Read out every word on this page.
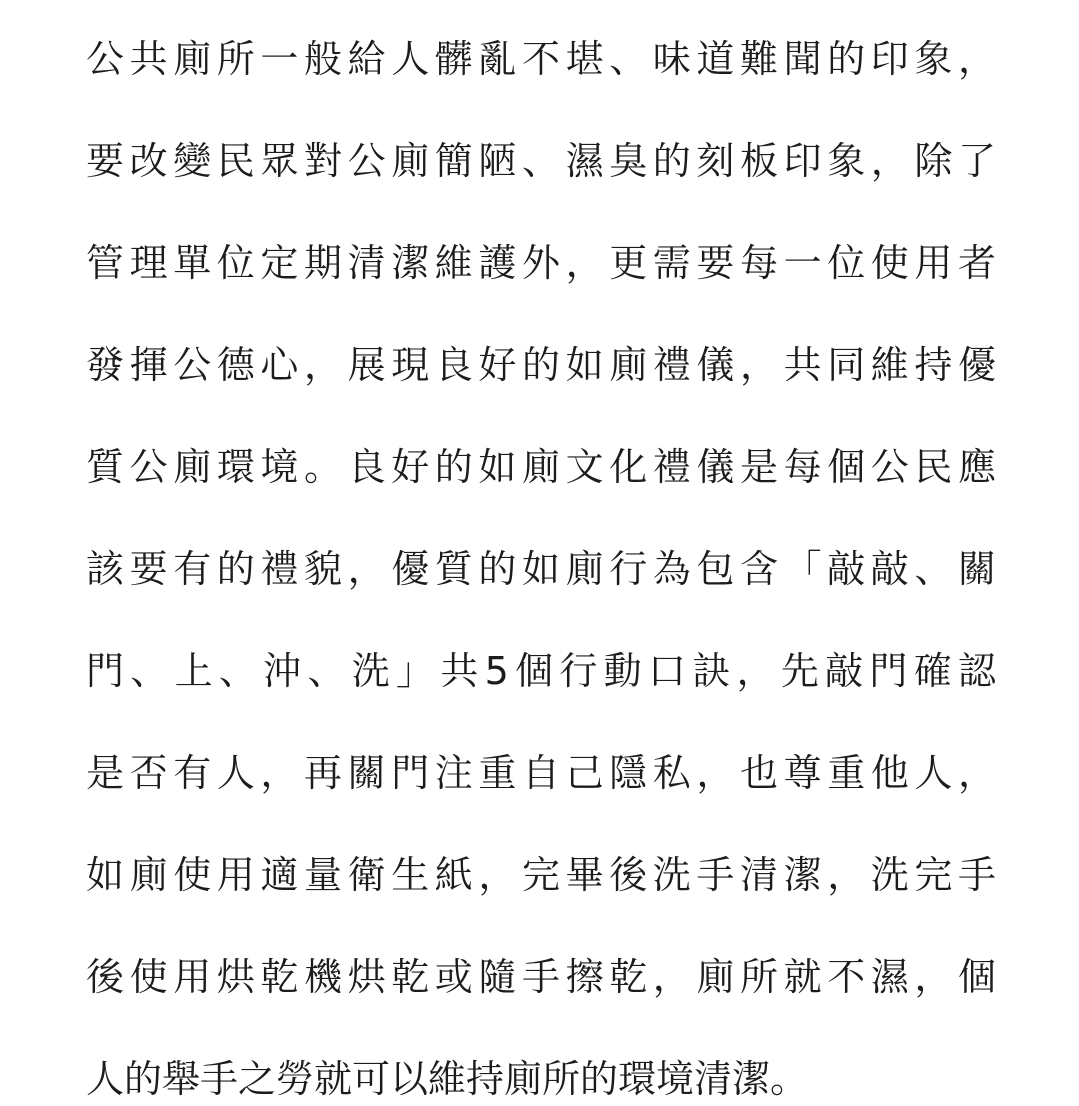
公共廁所一般給人髒亂不堪、味道難聞的印象，
要改變民眾對公廁簡陋、濕臭的刻板印象，除了
管理單位定期清潔維護外，更需要每一位使用者
發揮公德心，展現良好的如廁禮儀，共同維持優
質公廁環境。良好的如廁文化禮儀是每個公民應
該要有的禮貌，優質的如廁行為包含「敲敲、關
門、上、沖、洗」共5個行動口訣，先敲門確認
是否有人，再關門注重自己隱私，也尊重他人，
如廁使用適量衛生紙，完畢後洗手清潔，洗完手
後使用烘乾機烘乾或隨手擦乾，廁所就不濕，個
人的舉手之勞就可以維持廁所的環境清潔。
